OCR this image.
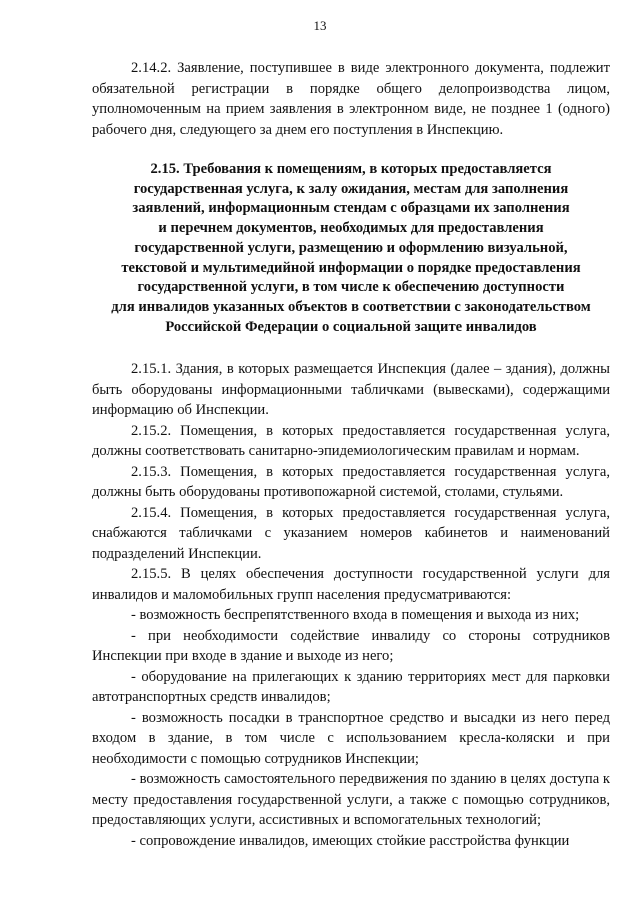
13

2.14.2. Заявление, поступившее в виде электронного документа, подлежит обязательной регистрации в порядке общего делопроизводства лицом, уполномоченным на прием заявления в электронном виде, не позднее 1 (одного) рабочего дня, следующего за днем его поступления в Инспекцию.

2.15. Требования к помещениям, в которых предоставляется
государственная услуга, к залу ожидания, местам для заполнения
заявлений, информационным стендам с образцами их заполнения
и перечнем документов, необходимых для предоставления
государственной услуги, размещению и оформлению визуальной,
текстовой и мультимедийной информации о порядке предоставления
государственной услуги, в том числе к обеспечению доступности
для инвалидов указанных объектов в соответствии с законодательством
Российской Федерации о социальной защите инвалидов

2.15.1. Здания, в которых размещается Инспекция (далее – здания), должны быть оборудованы информационными табличками (вывесками), содержащими информацию об Инспекции.

2.15.2. Помещения, в которых предоставляется государственная услуга, должны соответствовать санитарно-эпидемиологическим правилам и нормам.

2.15.3. Помещения, в которых предоставляется государственная услуга, должны быть оборудованы противопожарной системой, столами, стульями.

2.15.4. Помещения, в которых предоставляется государственная услуга, снабжаются табличками с указанием номеров кабинетов и наименований подразделений Инспекции.

2.15.5. В целях обеспечения доступности государственной услуги для инвалидов и маломобильных групп населения предусматриваются:

- возможность беспрепятственного входа в помещения и выхода из них;

- при необходимости содействие инвалиду со стороны сотрудников Инспекции при входе в здание и выходе из него;

- оборудование на прилегающих к зданию территориях мест для парковки автотранспортных средств инвалидов;

- возможность посадки в транспортное средство и высадки из него перед входом в здание, в том числе с использованием кресла-коляски и при необходимости с помощью сотрудников Инспекции;

- возможность самостоятельного передвижения по зданию в целях доступа к месту предоставления государственной услуги, а также с помощью сотрудников, предоставляющих услуги, ассистивных и вспомогательных технологий;

- сопровождение инвалидов, имеющих стойкие расстройства функции
